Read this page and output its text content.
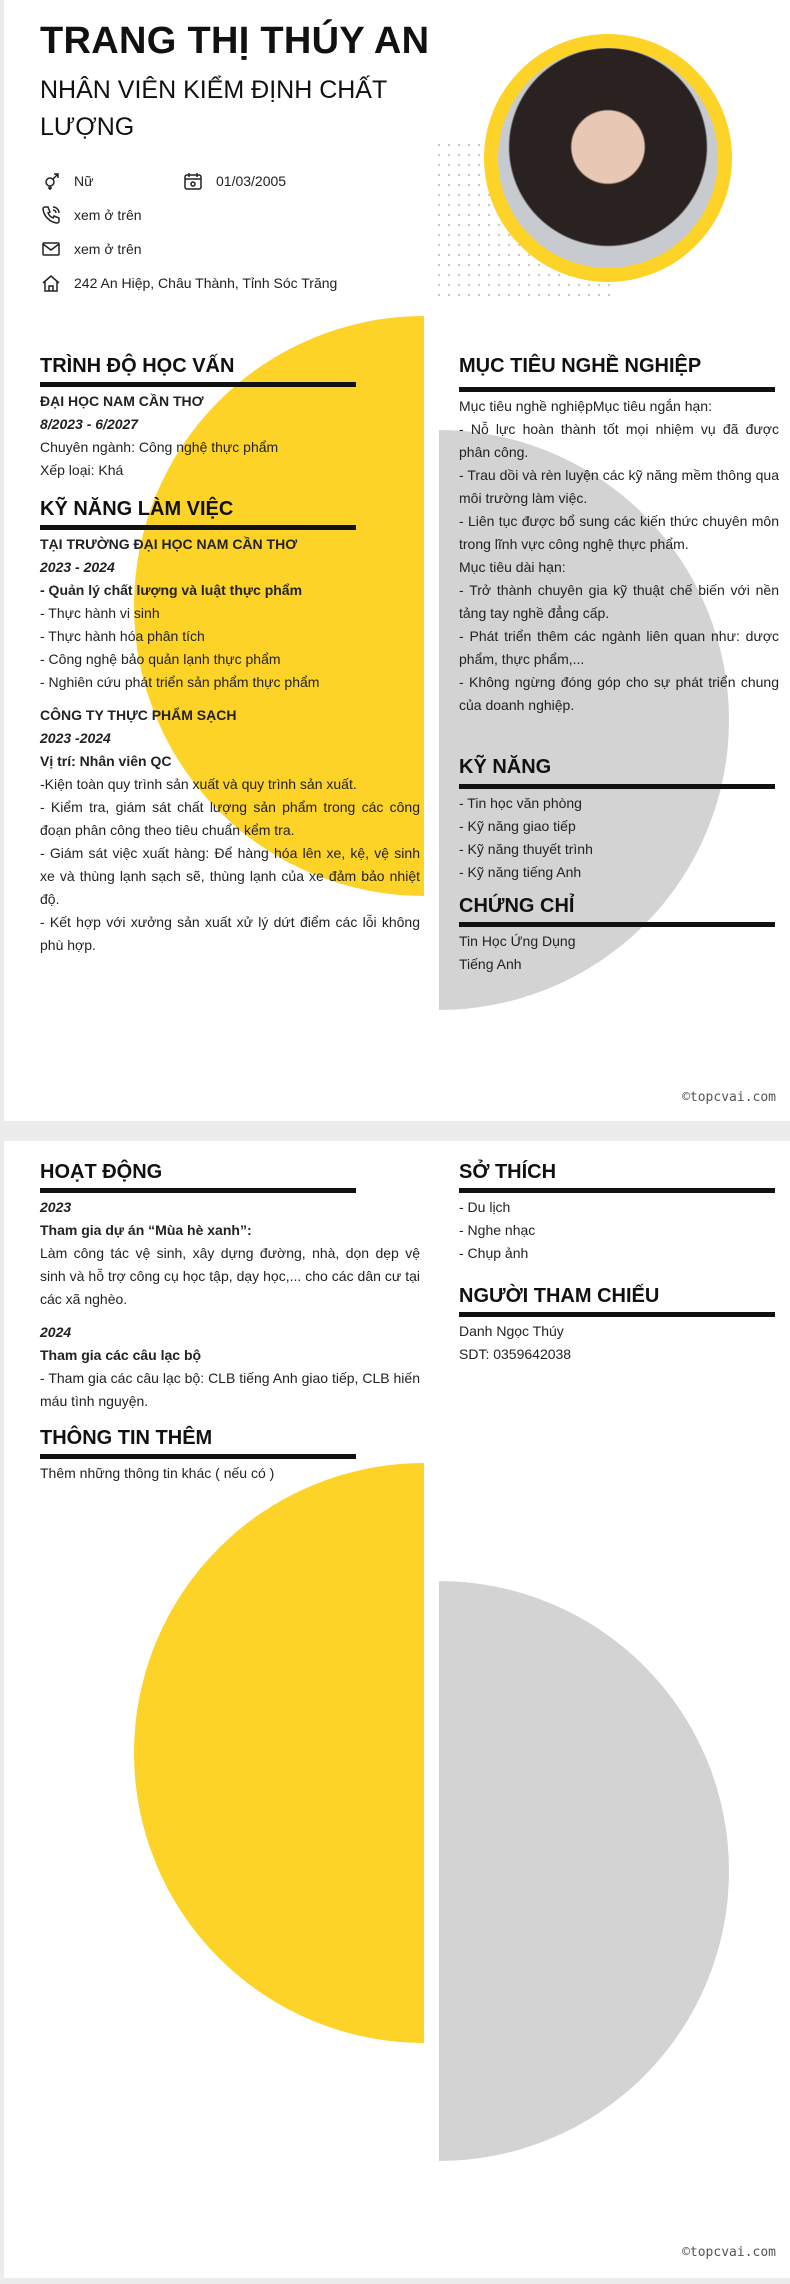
TRANG THỊ THÚY AN
NHÂN VIÊN KIỂM ĐỊNH CHẤT LƯỢNG
Nữ	01/03/2005
xem ở trên
xem ở trên
242 An Hiệp, Châu Thành, Tỉnh Sóc Trăng
TRÌNH ĐỘ HỌC VẤN

ĐẠI HỌC NAM CẦN THƠ

8/2023 - 6/2027

Chuyên ngành: Công nghệ thực phẩm

Xếp loại: Khá

KỸ NĂNG LÀM VIỆC

TẠI TRƯỜNG ĐẠI HỌC NAM CẦN THƠ

2023 - 2024

- Quản lý chất lượng và luật thực phẩm

- Thực hành vi sinh

- Thực hành hóa phân tích

- Công nghệ bảo quản lạnh thực phẩm

- Nghiên cứu phát triển sản phẩm thực phẩm

CÔNG TY THỰC PHẨM SẠCH

2023 -2024

Vị trí: Nhân viên QC

-Kiện toàn quy trình sản xuất và quy trình sản xuất.

- Kiểm tra, giám sát chất lượng sản phẩm trong các công đoạn phân công theo tiêu chuẩn kểm tra.

- Giám sát việc xuất hàng: Để hàng hóa lên xe, kệ, vệ sinh xe và thùng lạnh sạch sẽ, thùng lạnh của xe đảm bảo nhiệt độ.

- Kết hợp với xưởng sản xuất xử lý dứt điểm các lỗi không phù hợp.

MỤC TIÊU NGHỀ NGHIỆP

Mục tiêu nghề nghiệpMục tiêu ngắn hạn:

- Nỗ lực hoàn thành tốt mọi nhiệm vụ đã được phân công.

- Trau dồi và rèn luyện các kỹ năng mềm thông qua môi trường làm việc.

- Liên tục được bổ sung các kiến thức chuyên môn trong lĩnh vực công nghệ thực phẩm.

Mục tiêu dài hạn:

- Trở thành chuyên gia kỹ thuật chế biến với nền tảng tay nghề đẳng cấp.

- Phát triển thêm các ngành liên quan như: dược phẩm, thực phẩm,...

- Không ngừng đóng góp cho sự phát triển chung của doanh nghiệp.

KỸ NĂNG

- Tin học văn phòng

- Kỹ năng giao tiếp

- Kỹ năng thuyết trình

- Kỹ năng tiếng Anh

CHỨNG CHỈ

Tin Học Ứng Dụng

Tiếng Anh

©topcvai.com
HOẠT ĐỘNG

2023

Tham gia dự án “Mùa hè xanh”:

Làm công tác vệ sinh, xây dựng đường, nhà, dọn dẹp vệ sinh và hỗ trợ công cụ học tập, dạy học,... cho các dân cư tại các xã nghèo.

2024

Tham gia các câu lạc bộ

- Tham gia các câu lạc bộ: CLB tiếng Anh giao tiếp, CLB hiến máu tình nguyện.

THÔNG TIN THÊM
Thêm những thông tin khác ( nếu có )
SỞ THÍCH

- Du lịch

- Nghe nhạc

- Chụp ảnh

NGƯỜI THAM CHIẾU

Danh Ngọc Thúy

SDT: 0359642038

©topcvai.com
